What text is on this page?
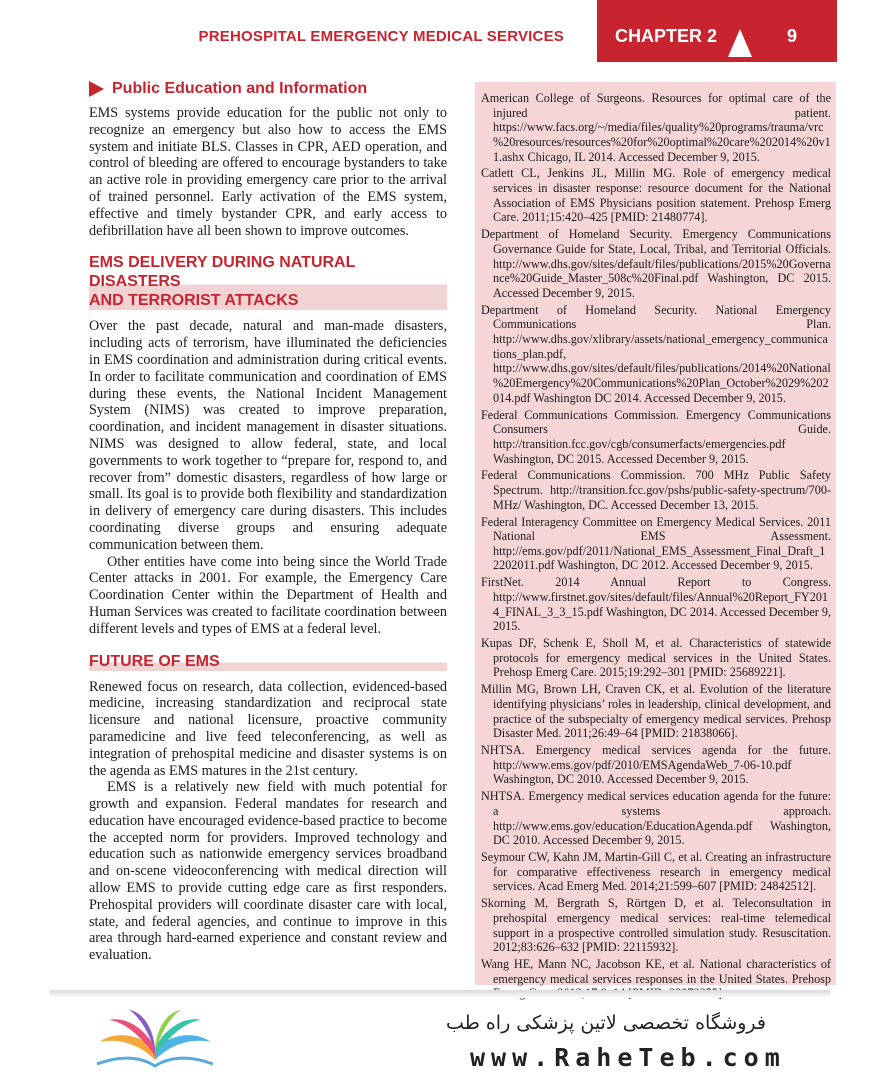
PREHOSPITAL EMERGENCY MEDICAL SERVICES	CHAPTER 2	9
Public Education and Information

EMS systems provide education for the public not only to recognize an emergency but also how to access the EMS system and initiate BLS. Classes in CPR, AED operation, and control of bleeding are offered to encourage bystanders to take an active role in providing emergency care prior to the arrival of trained personnel. Early activation of the EMS system, effective and timely bystander CPR, and early access to defibrillation have all been shown to improve outcomes.

EMS DELIVERY DURING NATURAL DISASTERS
AND TERRORIST ATTACKS

Over the past decade, natural and man-made disasters, including acts of terrorism, have illuminated the deficiencies in EMS coordination and administration during critical events. In order to facilitate communication and coordination of EMS during these events, the National Incident Management System (NIMS) was created to improve preparation, coordination, and incident management in disaster situations. NIMS was designed to allow federal, state, and local governments to work together to “prepare for, respond to, and recover from” domestic disasters, regardless of how large or small. Its goal is to provide both flexibility and standardization in delivery of emergency care during disasters. This includes coordinating diverse groups and ensuring adequate communication between them.

Other entities have come into being since the World Trade Center attacks in 2001. For example, the Emergency Care Coordination Center within the Department of Health and Human Services was created to facilitate coordination between different levels and types of EMS at a federal level.

FUTURE OF EMS

Renewed focus on research, data collection, evidenced-based medicine, increasing standardization and reciprocal state licensure and national licensure, proactive community paramedicine and live feed teleconferencing, as well as integration of prehospital medicine and disaster systems is on the agenda as EMS matures in the 21st century.

EMS is a relatively new field with much potential for growth and expansion. Federal mandates for research and education have encouraged evidence-based practice to become the accepted norm for providers. Improved technology and education such as nationwide emergency services broadband and on-scene videoconferencing with medical direction will allow EMS to provide cutting edge care as first responders. Prehospital providers will coordinate disaster care with local, state, and federal agencies, and continue to improve in this area through hard-earned experience and constant review and evaluation.

American College of Surgeons. Resources for optimal care of the injured patient. https://www.facs.org/~/media/files/quality%20programs/trauma/vrc%20resources/resources%20for%20optimal%20care%202014%20v11.ashx Chicago, IL 2014. Accessed December 9, 2015.

Catlett CL, Jenkins JL, Millin MG. Role of emergency medical services in disaster response: resource document for the National Association of EMS Physicians position statement. Prehosp Emerg Care. 2011;15:420–425 [PMID: 21480774].

Department of Homeland Security. Emergency Communications Governance Guide for State, Local, Tribal, and Territorial Officials. http://www.dhs.gov/sites/default/files/publications/2015%20Governance%20Guide_Master_508c%20Final.pdf Washington, DC 2015. Accessed December 9, 2015.

Department of Homeland Security. National Emergency Communications Plan. http://www.dhs.gov/xlibrary/assets/national_emergency_communications_plan.pdf, http://www.dhs.gov/sites/default/files/publications/2014%20National%20Emergency%20Communications%20Plan_October%2029%202014.pdf Washington DC 2014. Accessed December 9, 2015.

Federal Communications Commission. Emergency Communications Consumers Guide. http://transition.fcc.gov/cgb/consumerfacts/emergencies.pdf Washington, DC 2015. Accessed December 9, 2015.

Federal Communications Commission. 700 MHz Public Safety Spectrum. http://transition.fcc.gov/pshs/public-safety-spectrum/700-MHz/ Washington, DC. Accessed December 13, 2015.

Federal Interagency Committee on Emergency Medical Services. 2011 National EMS Assessment. http://ems.gov/pdf/2011/National_EMS_Assessment_Final_Draft_12202011.pdf Washington, DC 2012. Accessed December 9, 2015.

FirstNet. 2014 Annual Report to Congress. http://www.firstnet.gov/sites/default/files/Annual%20Report_FY2014_FINAL_3_3_15.pdf Washington, DC 2014. Accessed December 9, 2015.

Kupas DF, Schenk E, Sholl M, et al. Characteristics of statewide protocols for emergency medical services in the United States. Prehosp Emerg Care. 2015;19:292–301 [PMID: 25689221].

Millin MG, Brown LH, Craven CK, et al. Evolution of the literature identifying physicians’ roles in leadership, clinical development, and practice of the subspecialty of emergency medical services. Prehosp Disaster Med. 2011;26:49–64 [PMID: 21838066].

NHTSA. Emergency medical services agenda for the future. http://www.ems.gov/pdf/2010/EMSAgendaWeb_7-06-10.pdf Washington, DC 2010. Accessed December 9, 2015.

NHTSA. Emergency medical services education agenda for the future: a systems approach. http://www.ems.gov/education/EducationAgenda.pdf Washington, DC 2010. Accessed December 9, 2015.

Seymour CW, Kahn JM, Martin-Gill C, et al. Creating an infrastructure for comparative effectiveness research in emergency medical services. Acad Emerg Med. 2014;21:599–607 [PMID: 24842512].

Skorning M, Bergrath S, Rörtgen D, et al. Teleconsultation in prehospital emergency medical services: real-time telemedical support in a prospective controlled simulation study. Resuscitation. 2012;83:626–632 [PMID: 22115932].

Wang HE, Mann NC, Jacobson KE, et al. National characteristics of emergency medical services responses in the United States. Prehosp

فروشگاه تخصصی لاتین پزشکی راه طب
www.RaheTeb.com
